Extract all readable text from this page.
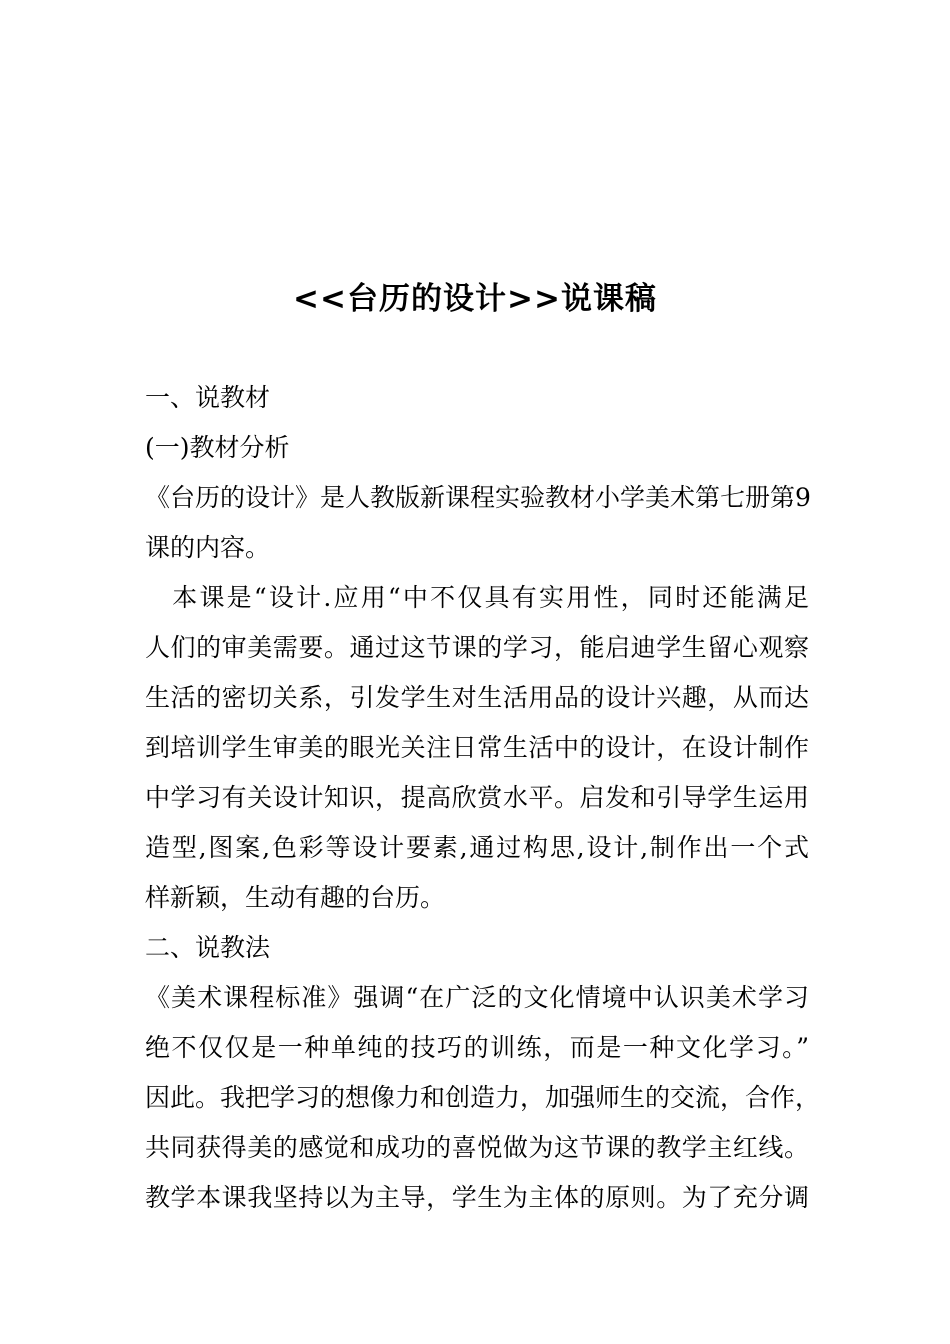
<<台历的设计>>说课稿
一、说教材
(一)教材分析
《台历的设计》是人教版新课程实验教材小学美术第七册第9
课的内容。
　本课是“设计.应用“中不仅具有实用性，同时还能满足
人们的审美需要。通过这节课的学习，能启迪学生留心观察
生活的密切关系，引发学生对生活用品的设计兴趣，从而达
到培训学生审美的眼光关注日常生活中的设计，在设计制作
中学习有关设计知识，提高欣赏水平。启发和引导学生运用
造型,图案,色彩等设计要素,通过构思,设计,制作出一个式
样新颖，生动有趣的台历。
二、说教法
《美术课程标准》强调“在广泛的文化情境中认识美术学习
绝不仅仅是一种单纯的技巧的训练，而是一种文化学习。”
因此。我把学习的想像力和创造力，加强师生的交流，合作，
共同获得美的感觉和成功的喜悦做为这节课的教学主红线。
教学本课我坚持以为主导，学生为主体的原则。为了充分调
